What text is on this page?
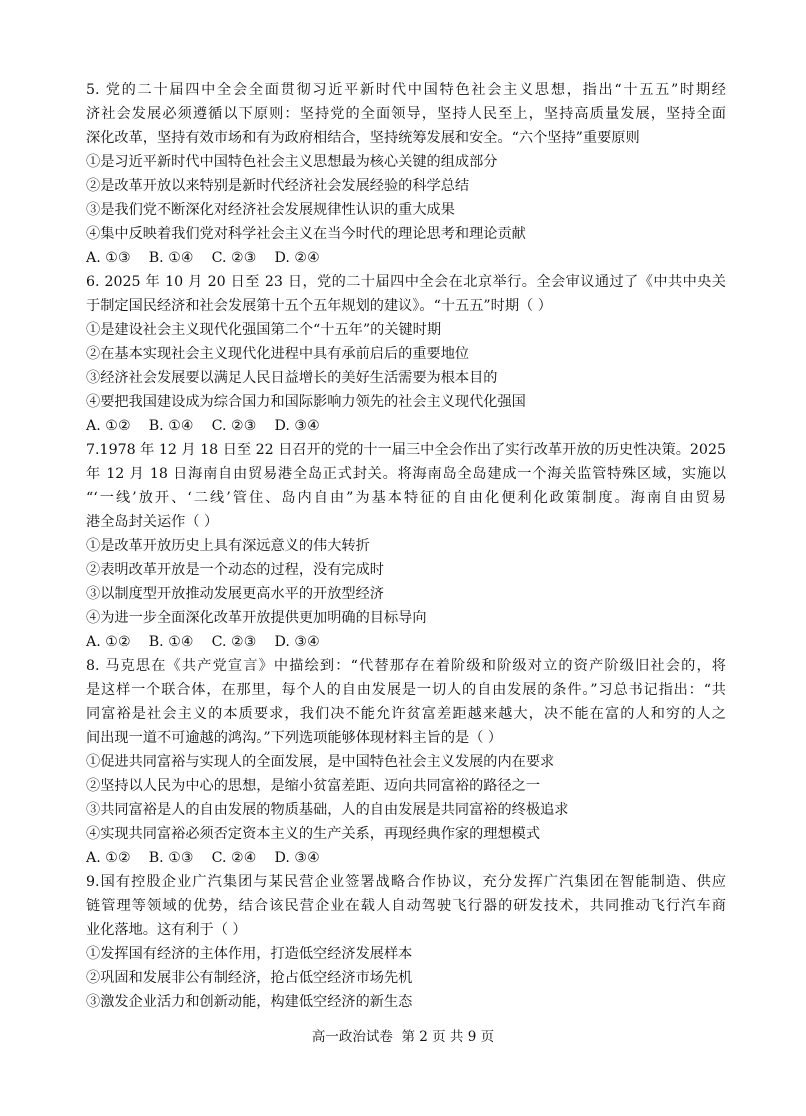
5. 党的二十届四中全会全面贯彻习近平新时代中国特色社会主义思想，指出“十五五”时期经
济社会发展必须遵循以下原则：坚持党的全面领导，坚持人民至上，坚持高质量发展，坚持全面
深化改革，坚持有效市场和有为政府相结合，坚持统筹发展和安全。“六个坚持”重要原则
①是习近平新时代中国特色社会主义思想最为核心关键的组成部分
②是改革开放以来特别是新时代经济社会发展经验的科学总结
③是我们党不断深化对经济社会发展规律性认识的重大成果
④集中反映着我们党对科学社会主义在当今时代的理论思考和理论贡献
A. ①③    B. ①④    C. ②③    D. ②④
6. 2025 年 10 月 20 日至 23 日，党的二十届四中全会在北京举行。全会审议通过了《中共中央关
于制定国民经济和社会发展第十五个五年规划的建议》。“十五五”时期（ ）
①是建设社会主义现代化强国第二个“十五年”的关键时期
②在基本实现社会主义现代化进程中具有承前启后的重要地位
③经济社会发展要以满足人民日益增长的美好生活需要为根本目的
④要把我国建设成为综合国力和国际影响力领先的社会主义现代化强国
A. ①②    B. ①④    C. ②③    D. ③④
7.1978 年 12 月 18 日至 22 日召开的党的十一届三中全会作出了实行改革开放的历史性决策。2025
年 12 月 18 日海南自由贸易港全岛正式封关。将海南岛全岛建成一个海关监管特殊区域，实施以
“‘一线’放开、‘二线’管住、岛内自由”为基本特征的自由化便利化政策制度。海南自由贸易
港全岛封关运作（ ）
①是改革开放历史上具有深远意义的伟大转折
②表明改革开放是一个动态的过程，没有完成时
③以制度型开放推动发展更高水平的开放型经济
④为进一步全面深化改革开放提供更加明确的目标导向
A. ①②    B. ①④    C. ②③    D. ③④
8. 马克思在《共产党宣言》中描绘到：“代替那存在着阶级和阶级对立的资产阶级旧社会的，将
是这样一个联合体，在那里，每个人的自由发展是一切人的自由发展的条件。”习总书记指出：“共
同富裕是社会主义的本质要求，我们决不能允许贫富差距越来越大，决不能在富的人和穷的人之
间出现一道不可逾越的鸿沟。”下列选项能够体现材料主旨的是（ ）
①促进共同富裕与实现人的全面发展，是中国特色社会主义发展的内在要求
②坚持以人民为中心的思想，是缩小贫富差距、迈向共同富裕的路径之一
③共同富裕是人的自由发展的物质基础，人的自由发展是共同富裕的终极追求
④实现共同富裕必须否定资本主义的生产关系，再现经典作家的理想模式
A. ①②    B. ①③    C. ②④    D. ③④
9.国有控股企业广汽集团与某民营企业签署战略合作协议，充分发挥广汽集团在智能制造、供应
链管理等领域的优势，结合该民营企业在载人自动驾驶飞行器的研发技术，共同推动飞行汽车商
业化落地。这有利于（ ）
①发挥国有经济的主体作用，打造低空经济发展样本
②巩固和发展非公有制经济，抢占低空经济市场先机
③激发企业活力和创新动能，构建低空经济的新生态
高一政治试卷  第 2 页 共 9 页
